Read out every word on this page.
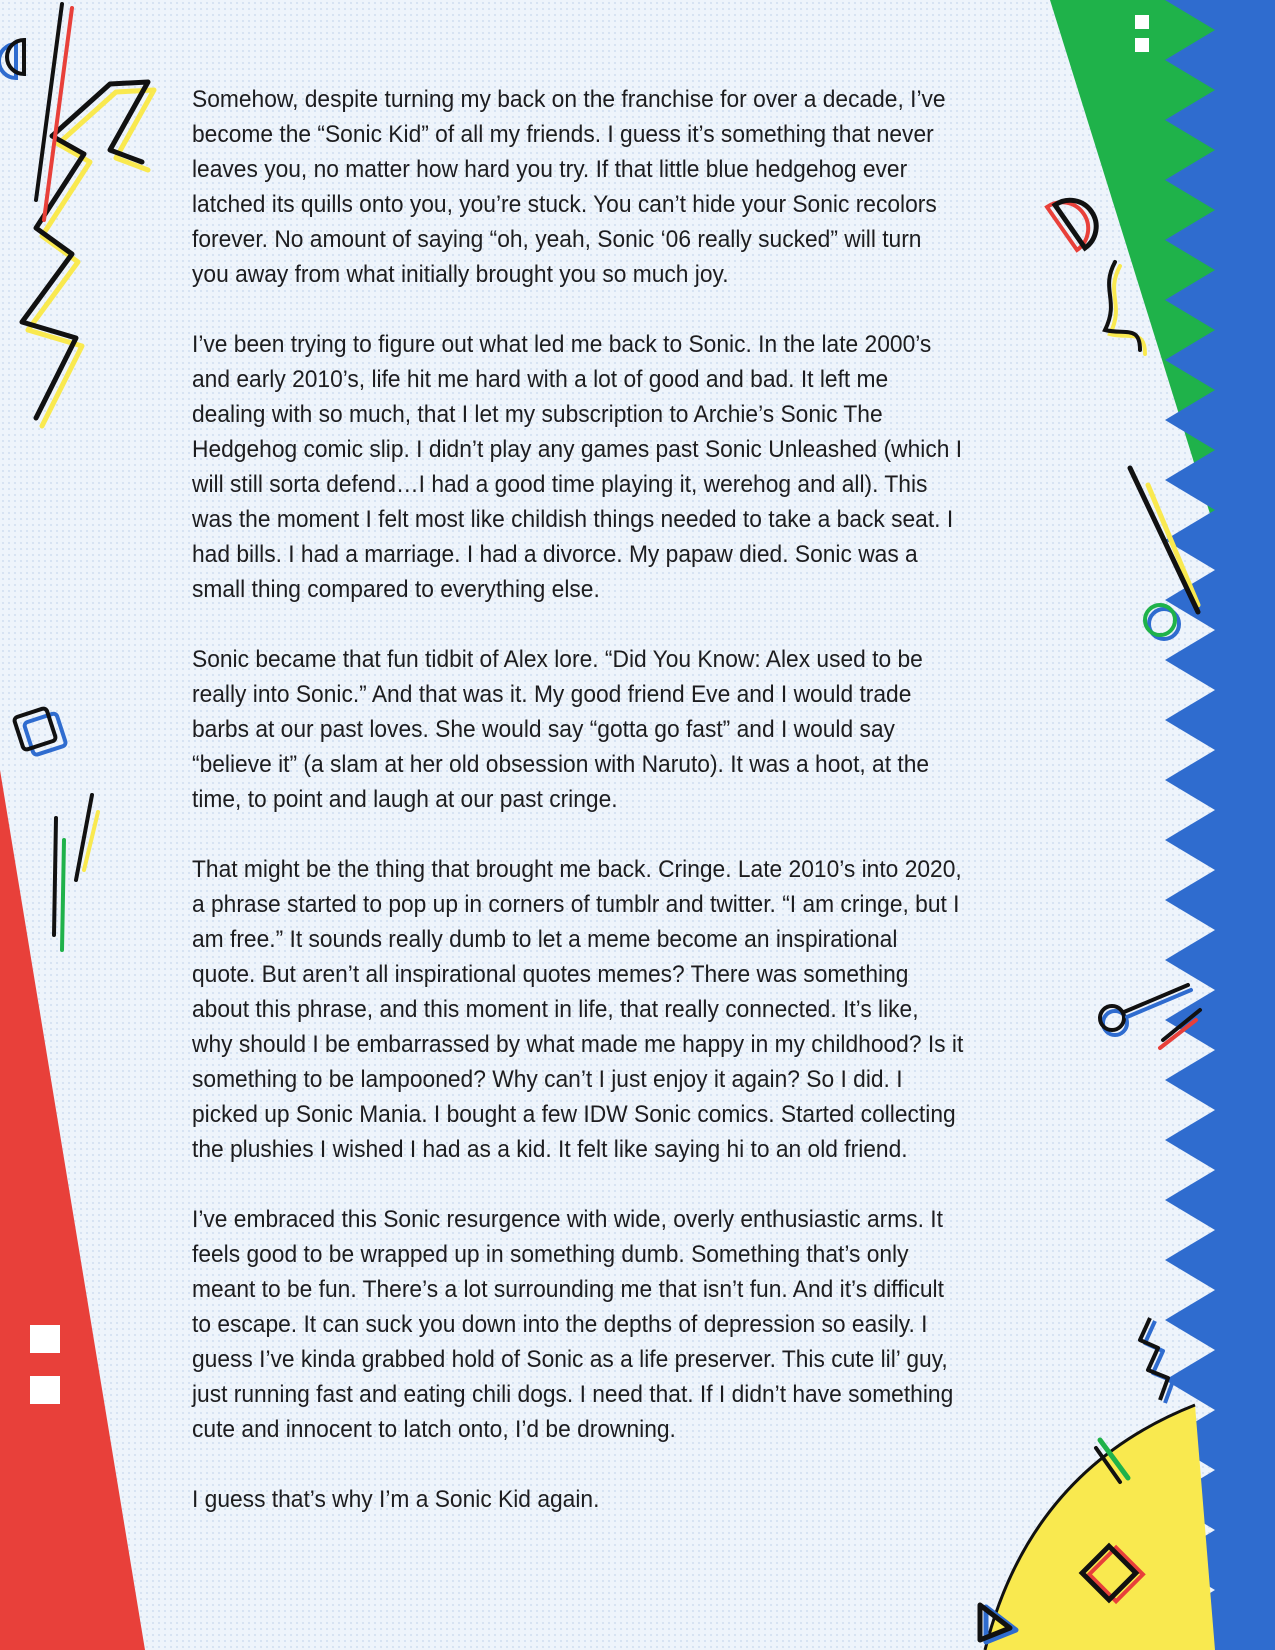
Somehow, despite turning my back on the franchise for over a decade, I’ve become the “Sonic Kid” of all my friends. I guess it’s something that never leaves you, no matter how hard you try. If that little blue hedgehog ever latched its quills onto you, you’re stuck. You can’t hide your Sonic recolors forever. No amount of saying “oh, yeah, Sonic ‘06 really sucked” will turn you away from what initially brought you so much joy.

I’ve been trying to figure out what led me back to Sonic. In the late 2000’s and early 2010’s, life hit me hard with a lot of good and bad. It left me dealing with so much, that I let my subscription to Archie’s Sonic The Hedgehog comic slip. I didn’t play any games past Sonic Unleashed (which I will still sorta defend…I had a good time playing it, werehog and all). This was the moment I felt most like childish things needed to take a back seat. I had bills. I had a marriage. I had a divorce. My papaw died. Sonic was a small thing compared to everything else.

Sonic became that fun tidbit of Alex lore. “Did You Know: Alex used to be really into Sonic.” And that was it. My good friend Eve and I would trade barbs at our past loves. She would say “gotta go fast” and I would say “believe it” (a slam at her old obsession with Naruto). It was a hoot, at the time, to point and laugh at our past cringe.

That might be the thing that brought me back. Cringe. Late 2010’s into 2020, a phrase started to pop up in corners of tumblr and twitter. “I am cringe, but I am free.” It sounds really dumb to let a meme become an inspirational quote. But aren’t all inspirational quotes memes? There was something about this phrase, and this moment in life, that really connected. It’s like, why should I be embarrassed by what made me happy in my childhood? Is it something to be lampooned? Why can’t I just enjoy it again? So I did. I picked up Sonic Mania. I bought a few IDW Sonic comics. Started collecting the plushies I wished I had as a kid. It felt like saying hi to an old friend.

I’ve embraced this Sonic resurgence with wide, overly enthusiastic arms. It feels good to be wrapped up in something dumb. Something that’s only meant to be fun. There’s a lot surrounding me that isn’t fun. And it’s difficult to escape. It can suck you down into the depths of depression so easily. I guess I’ve kinda grabbed hold of Sonic as a life preserver. This cute lil’ guy, just running fast and eating chili dogs. I need that. If I didn’t have something cute and innocent to latch onto, I’d be drowning.

I guess that’s why I’m a Sonic Kid again.
